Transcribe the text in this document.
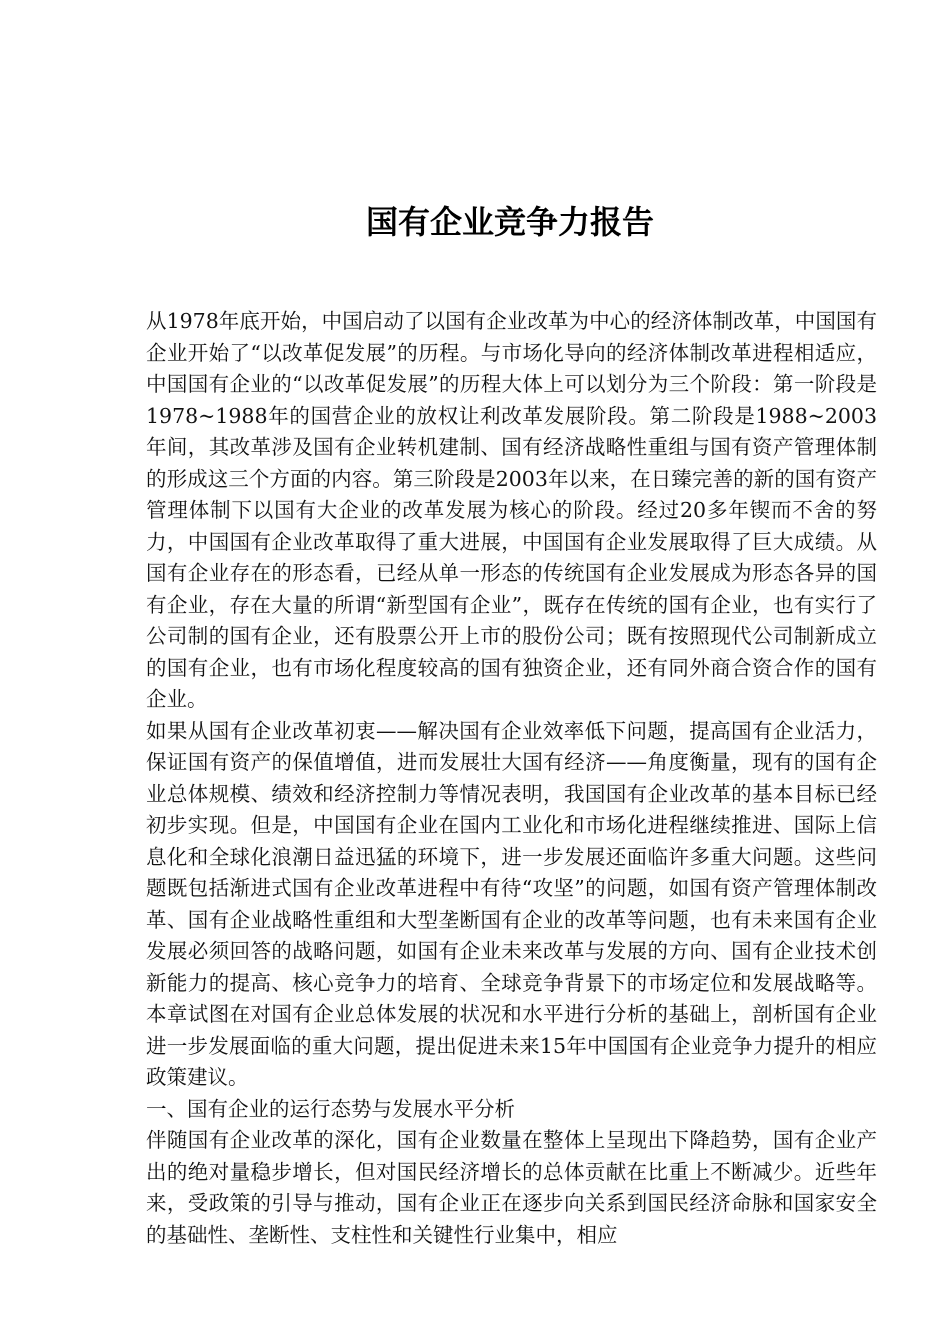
国有企业竞争力报告

从1978年底开始，中国启动了以国有企业改革为中心的经济体制改革，中国国有企业开始了“以改革促发展”的历程。与市场化导向的经济体制改革进程相适应，中国国有企业的“以改革促发展”的历程大体上可以划分为三个阶段：第一阶段是1978~1988年的国营企业的放权让利改革发展阶段。第二阶段是1988~2003年间，其改革涉及国有企业转机建制、国有经济战略性重组与国有资产管理体制的形成这三个方面的内容。第三阶段是2003年以来，在日臻完善的新的国有资产管理体制下以国有大企业的改革发展为核心的阶段。经过20多年锲而不舍的努力，中国国有企业改革取得了重大进展，中国国有企业发展取得了巨大成绩。从国有企业存在的形态看，已经从单一形态的传统国有企业发展成为形态各异的国有企业，存在大量的所谓“新型国有企业”，既存在传统的国有企业，也有实行了公司制的国有企业，还有股票公开上市的股份公司；既有按照现代公司制新成立的国有企业，也有市场化程度较高的国有独资企业，还有同外商合资合作的国有企业。

如果从国有企业改革初衷——解决国有企业效率低下问题，提高国有企业活力，保证国有资产的保值增值，进而发展壮大国有经济——角度衡量，现有的国有企业总体规模、绩效和经济控制力等情况表明，我国国有企业改革的基本目标已经初步实现。但是，中国国有企业在国内工业化和市场化进程继续推进、国际上信息化和全球化浪潮日益迅猛的环境下，进一步发展还面临许多重大问题。这些问题既包括渐进式国有企业改革进程中有待“攻坚”的问题，如国有资产管理体制改革、国有企业战略性重组和大型垄断国有企业的改革等问题，也有未来国有企业发展必须回答的战略问题，如国有企业未来改革与发展的方向、国有企业技术创新能力的提高、核心竞争力的培育、全球竞争背景下的市场定位和发展战略等。本章试图在对国有企业总体发展的状况和水平进行分析的基础上，剖析国有企业进一步发展面临的重大问题，提出促进未来15年中国国有企业竞争力提升的相应政策建议。

一、国有企业的运行态势与发展水平分析

伴随国有企业改革的深化，国有企业数量在整体上呈现出下降趋势，国有企业产出的绝对量稳步增长，但对国民经济增长的总体贡献在比重上不断减少。近些年来，受政策的引导与推动，国有企业正在逐步向关系到国民经济命脉和国家安全的基础性、垄断性、支柱性和关键性行业集中，相应
